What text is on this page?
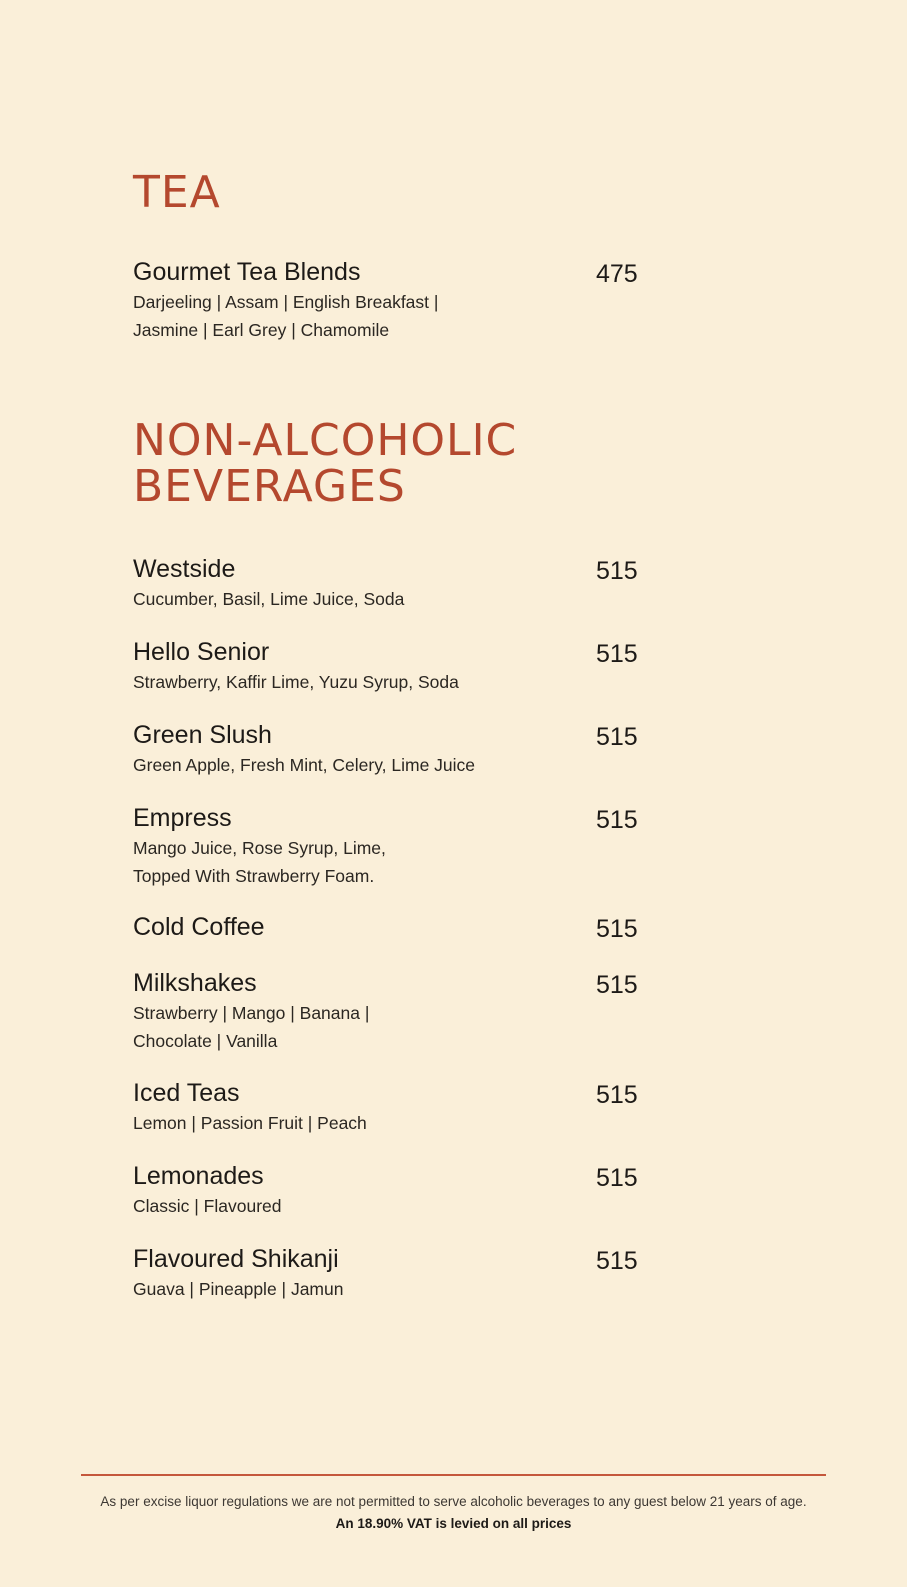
TEA
Gourmet Tea Blends
Darjeeling | Assam | English Breakfast |
Jasmine | Earl Grey | Chamomile
475
NON-ALCOHOLIC
BEVERAGES
Westside
Cucumber, Basil, Lime Juice, Soda
515
Hello Senior
Strawberry, Kaffir Lime, Yuzu Syrup, Soda
515
Green Slush
Green Apple, Fresh Mint, Celery, Lime Juice
515
Empress
Mango Juice, Rose Syrup, Lime,
Topped With Strawberry Foam.
515
Cold Coffee	515
Milkshakes
Strawberry | Mango | Banana |
Chocolate | Vanilla
515
Iced Teas
Lemon | Passion Fruit | Peach
515
Lemonades
Classic | Flavoured
515
Flavoured Shikanji
Guava | Pineapple | Jamun
515
As per excise liquor regulations we are not permitted to serve alcoholic beverages to any guest below 21 years of age.
An 18.90% VAT is levied on all prices
